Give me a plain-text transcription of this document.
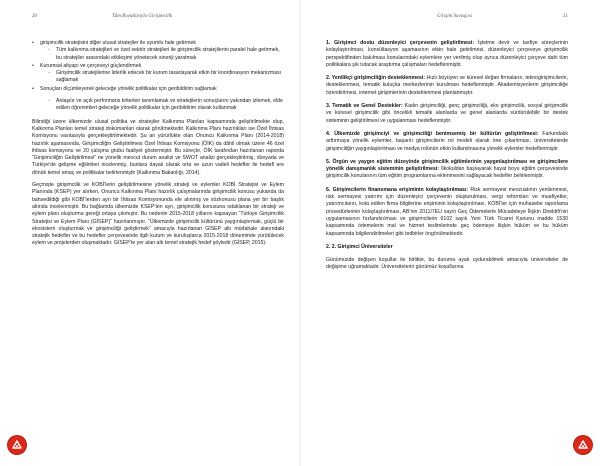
20	Tüm Boyutlarıyla Girişimcilik
• girişimcilik stratejisini diğer ulusal stratejiler ile uyumlu hale getirmek
◦ Tüm kalkınma stratejileri ve özel sektör stratejileri ile girişimcilik stratejilerini paralel hale getirmek, bu stratejiler arasındaki etkileşimi yönetecek sineriji yaratmak
• Kurumsal altyapı ve çerçeveyi güçlendirmek
◦ Girişimcilik stratejilerine liderlik edecek bir kurum tasarlayarak etkin bir koordinasyon mekanizması sağlamak
• Sonuçları ölçümleyerek geleceğe yönelik politikalar için geribildirim sağlamak
◦ Anlaşılır ve açık performans kriterleri tanımlamak ve stratejilerin sonuçlarını yakından izlemek, elde edilen öğrenimleri geleceğe yönelik politikalar için geribildirim olarak kullanmak

Bilindiği üzere ülkemizde ulusal politika ve stratejiler Kalkınma Planları kapsamında geliştirilmekte olup, Kalkınma Planları temel strateji dokümanları olarak görülmektedir. Kalkınma Planı hazırlıkları ise Özel İhtisas Komisyonu vasıtasıyla gerçekleştirilmektedir. Şu an yürürlükte olan Onuncu Kalkınma Planı (2014-2018) hazırlık aşamasında, Girişimciliğin Geliştirilmesi Özel İhtisas Komisyonu (ÖİK) da dâhil olmak üzere 46 özel ihtisas komisyonu ve 20 çalışma grubu faaliyet göstermiştir. Bu süreçte, ÖİK tarafından hazırlanan raporda “Girişimciliğin Geliştirilmesi” ne yönelik mevcut durum analizi ve SWOT analizi gerçekleştirilmiş, dünyada ve Türkiye’de gelişme eğilimleri incelenmiş, bunlara dayalı olarak orta ve uzun vadeli hedefler ile hedefl ere dönük temel amaç ve politikalar belirlenmiştir (Kalkınma Bakanlığı, 2014).

Geçmişte girişimcilik ve KOBİ’lerin geliştirilmesine yönelik strateji ve eylemler KOBİ Stratejisi ve Eylem Planında (KSEP) yer alırken, Onuncu Kalkınma Planı hazırlık çalışmalarında girişimcilik konusu yukarıda da bahsedildiği gibi KOBİ’lerden ayrı bir İhtisas Komisyonunda ele alınmış ve sözkonusu plana yer bir başlık altında incelenmiştir. Bu bağlamda ülkemizde KSEP’ten ayrı, girişimcilik konusuna odaklanan bir strateji ve eylem planı oluşturma gereği ortaya çıkmıştır. Bu nedenle 2015-2018 yıllarını kapsayan “Türkiye Girişimcilik Stratejisi ve Eylem Planı (GİSEP)” hazırlanmıştır. “Ülkemizde girişimcilik kültürünü yaygınlaştırmak, güçlü bir ekosistem oluşturmak ve girişimciliği geliştirmek” amacıyla hazırlanan GİSEP altı müdahale alanındaki stratejik hedefler ve bu hedefler çerçevesinde ilgili kurum ve kuruluşlarca 2015-2018 döneminde yürütülecek eylem ve projelerden oluşmaktadır. GİSEP’te yer alan altı temel stratejik hedef şöyledir (GİSEP, 2015):

Girişim Savaşçısı	21
1. Girişimci dostu düzenleyici çerçevenin geliştirilmesi: İşletme devir ve tasfiye süreçlerinin kolaylaştırılması, konsültasyon aşamasının etkin hale getirilmesi, düzenleyici çerçeveye girişimcilik perspektifinden bakılması konularındaki eylemlere yer verilmiş olup ayrıca düzenleyici çerçeve dahi tüm politikalara şık tutacak araştırma çalışmaları hedeflenmiştir.
2. Yenilikçi girişimciliğin desteklenmesi: Hızlı büyüyen ve küresel doğan firmaların, teknogirişimcilerin, desteklenmesi, tematik kuluçka merkezlerinin kurulması hedeflenmiştir. Akademisyenlerin girişimciliğe özendirilmesi, internet girişimlerinin desteklenmesi planlanmıştır.
3. Tematik ve Genel Destekler: Kadın girişimciliği, genç girişimciliği, eko girişimcilik, sosyal girişimcilik ve küresel girişimcilik gibi öncelikli tematik alanlarda ve genel alanlarda sürdürülebilir bir destek sisteminin geliştirilmesi ve uygulanması hedeflenmiştir.
4. Ülkemizde girişimciyi ve girişimciliği benimsemiş bir kültürün geliştirilmesi: Farkındalık arttırmaya yönelik eylemler, başarılı girişimcilerin rol modeli olarak öne çıkarılması, üniversitelerde girişimciliğin yaygınlaştırılması ve medya rolünün etkin kullanılmasına yönelik eylemler hedeflenmiştir.
5. Örgün ve yaygın eğitim düzeyinde girişimcilik eğitimlerinin yaygınlaştırılması ve girişimcilere yönelik danışmanlık sisteminin geliştirilmesi: İlkokuldan başlayarak hayat boyu eğitim çerçevesinde girişimcilik konularının tüm eğitim programlarına eklenmesini sağlayacak hedefler belirlenmiştir.
6. Girişimcilerin finansmana erişiminin kolaylaştırılması: Risk sermayesi mevzuatının yenilenmesi, risk sermayesi yatırımı için düzenleyici çerçevenin oluşturulması, vergi reformları ve muafiyetler, yatırımcıların, kota edilen firma bilgilerine erişiminin kolaylaştırılması, KOBİ’ler için muhasebe raporlama prosedürlerinin kolaylaştırılması, AB’nin 2011/7EU sayılı Geç Ödemelerle Mücadeleye İlişkin Direktifi’nin uygulamasının hızlandırılması ve girişimcilerin 6102 sayılı Yeni Türk Ticaret Kanunu madde 1530 kapsamında ödemelerin mal ve hizmet teslimlerinde geç ödemeye ilişkin hüküm ve bu hüküm kapsamında bilgilendirilmeleri gibi tedbirler öngörülmektedir.
2. 2. Girişimci Üniversiteler

Günümüzde değişen koşullar ile birlikte, bu duruma ayak uydurabilmek amacıyla üniversiteler de değişime uğramaktadır. Üniversitelerin günümüz koşullarına
